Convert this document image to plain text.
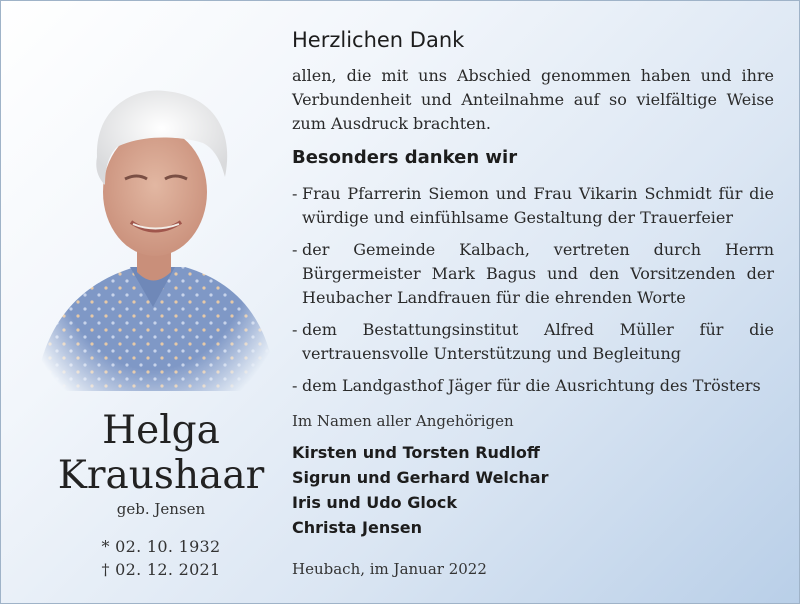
Helga
Kraushaar
geb. Jensen
* 02. 10. 1932
† 02. 12. 2021
Herzlichen Dank
allen, die mit uns Abschied genommen haben und ihre Verbundenheit und Anteilnahme auf so vielfältige Weise zum Ausdruck brachten.
Besonders danken wir
- Frau Pfarrerin Siemon und Frau Vikarin Schmidt für die würdige und einfühlsame Gestaltung der Trauerfeier
- der Gemeinde Kalbach, vertreten durch Herrn Bürgermeister Mark Bagus und den Vorsitzenden der Heubacher Landfrauen für die ehrenden Worte
- dem Bestattungsinstitut Alfred Müller für die vertrauensvolle Unterstützung und Begleitung
- dem Landgasthof Jäger für die Ausrichtung des Trösters
Im Namen aller Angehörigen
Kirsten und Torsten Rudloff
Sigrun und Gerhard Welchar
Iris und Udo Glock
Christa Jensen
Heubach, im Januar 2022
